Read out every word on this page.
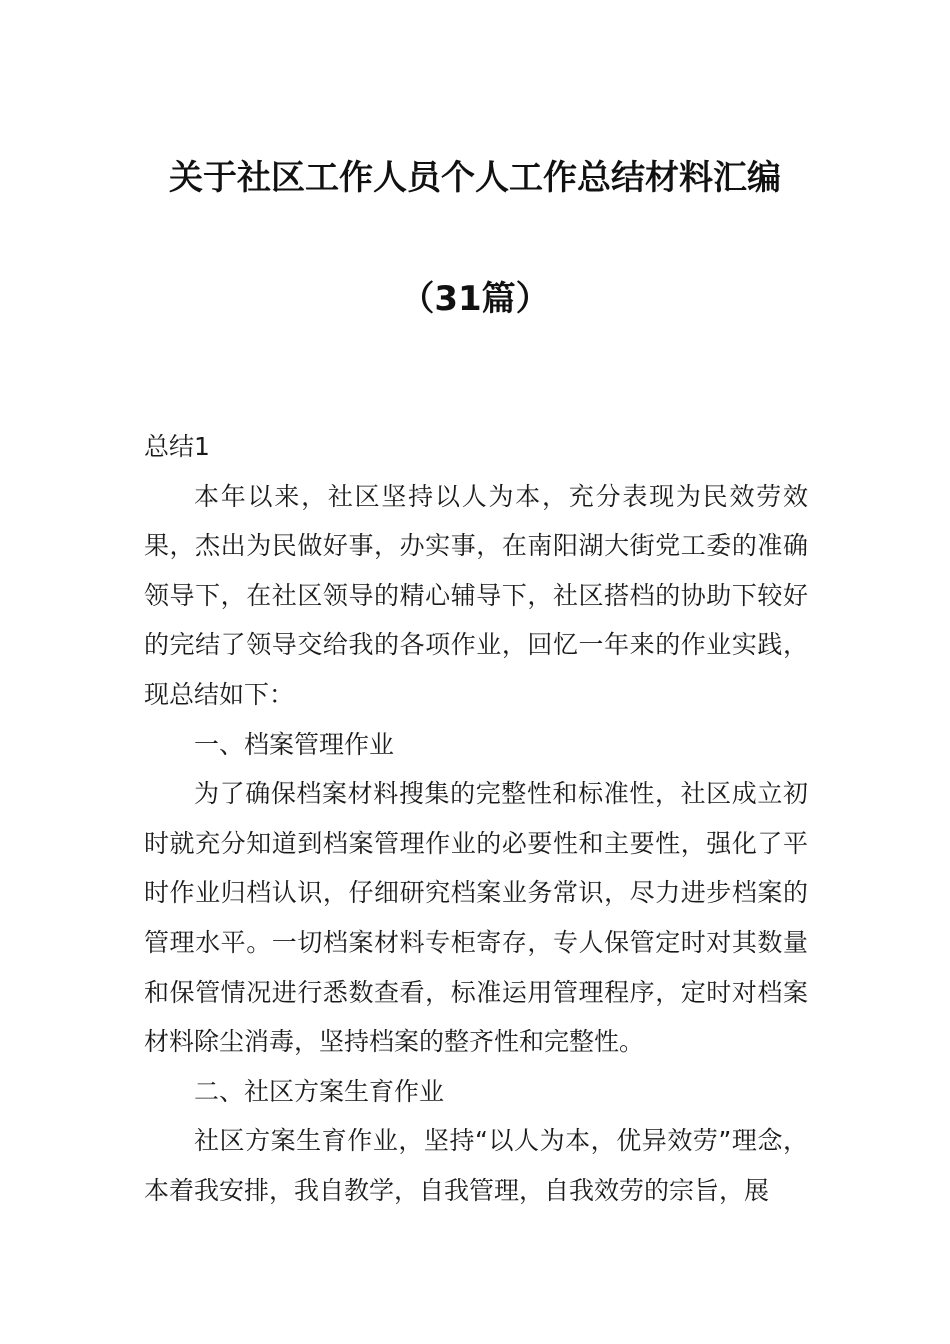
关于社区工作人员个人工作总结材料汇编
（31篇）

总结1

本年以来，社区坚持以人为本，充分表现为民效劳效果，杰出为民做好事，办实事，在南阳湖大街党工委的准确领导下，在社区领导的精心辅导下，社区搭档的协助下较好的完结了领导交给我的各项作业，回忆一年来的作业实践，现总结如下：

一、档案管理作业

为了确保档案材料搜集的完整性和标准性，社区成立初时就充分知道到档案管理作业的必要性和主要性，强化了平时作业归档认识，仔细研究档案业务常识，尽力进步档案的管理水平。一切档案材料专柜寄存，专人保管定时对其数量和保管情况进行悉数查看，标准运用管理程序，定时对档案材料除尘消毒，坚持档案的整齐性和完整性。

二、社区方案生育作业

社区方案生育作业，坚持“以人为本，优异效劳”理念，本着我安排，我自教学，自我管理，自我效劳的宗旨，展
